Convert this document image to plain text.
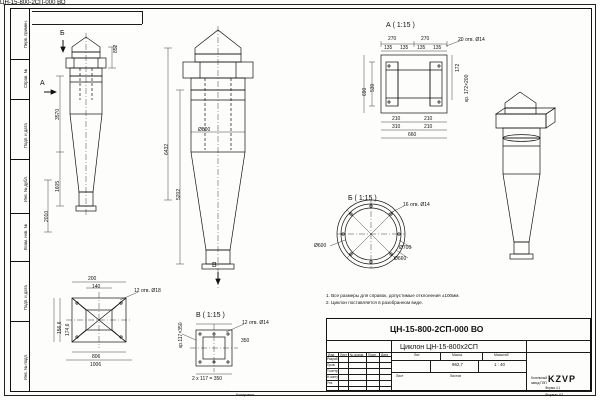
Перв. примен.
Справ. №
Подп. и дата
Инв. № дубл.
Взам. инв. №
Подп. и дата
Инв. № подл.
ЦН-15-800-2СП-000 ВО
Б
А
852
3570
1605
2010
Ø800
6432
5202
В
А ( 1:15 )
270	270
135 135 135 135
210	210
210
310
660
690 530
20 отв. Ø14
172
кр. 172×200
Б ( 1:15 )
Ø600
Ø660
Ø700
16 отв. Ø14
В ( 1:15 )
12 отв. Ø14
350
2 х 117 = 350
кр.117×350
200
140
12 отв. Ø18
156,6 174,6
806
1006
1. Все размеры для справок, допустимые отклонения ±100мм.
2. Циклон поставляется в разобранном виде.
ЦН-15-800-2СП-000 ВО
Циклон ЦН-15-800х2СП
Изм. Лист № докум. Подп. Дата
Разраб.
Пров.
Т.контр.
Н.контр.
Утв.
Лит.	Масса	Масштаб
962,7	1 : 40
Лист	Листов	KZVP
Котельный
завод ПЗП
Копировал	Формат A3
Форма 4.1
